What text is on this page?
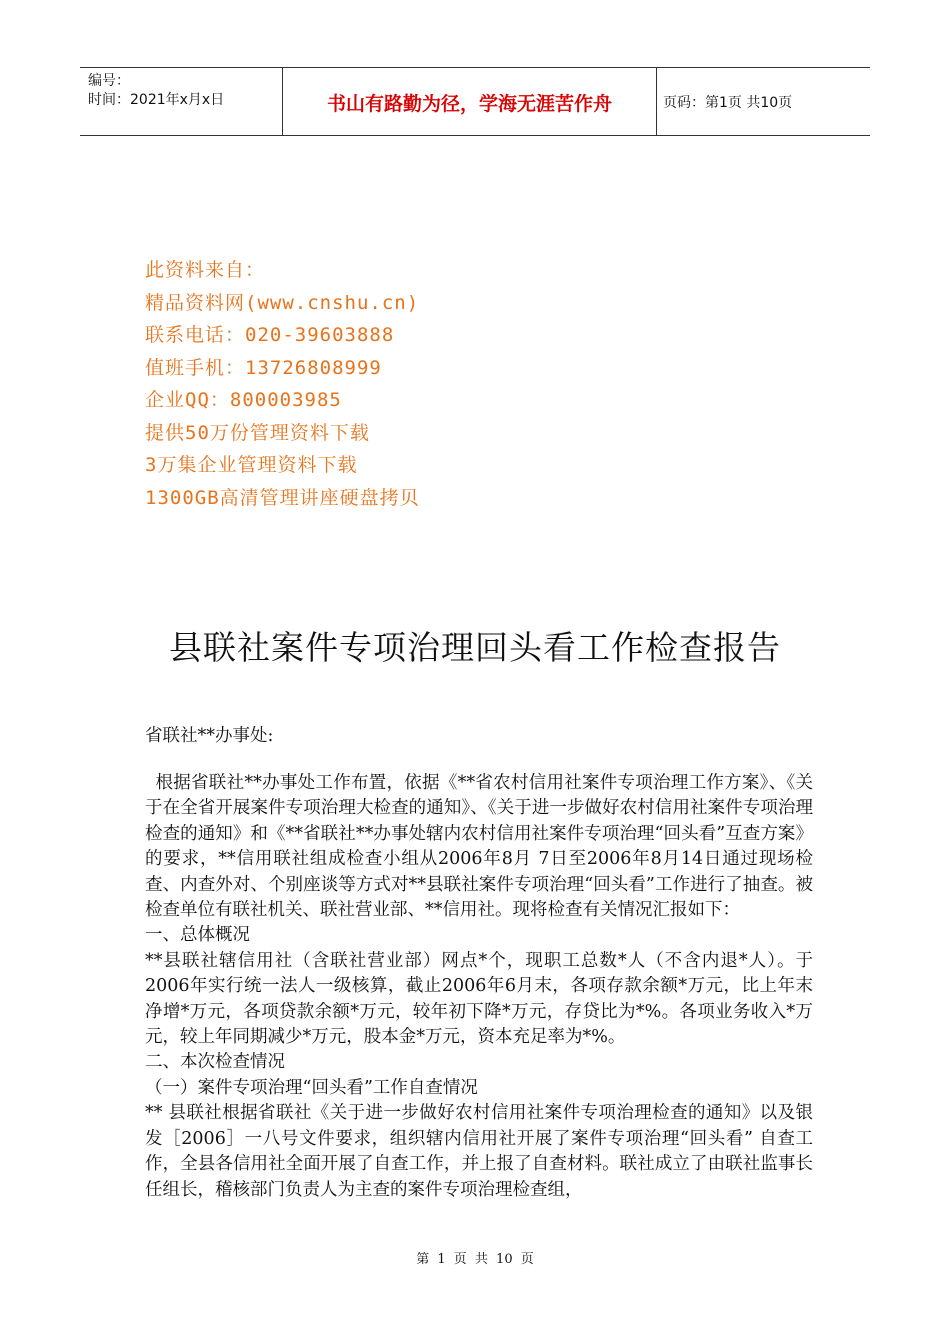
编号：
时间：2021年x月x日	书山有路勤为径，学海无涯苦作舟	页码：第1页 共10页
此资料来自：
精品资料网(www.cnshu.cn)
联系电话：020-39603888
值班手机：13726808999
企业QQ：800003985
提供50万份管理资料下载
3万集企业管理资料下载
1300GB高清管理讲座硬盘拷贝
县联社案件专项治理回头看工作检查报告
省联社**办事处:

根据省联社**办事处工作布置，依据《**省农村信用社案件专项治理工作方案》、《关于在全省开展案件专项治理大检查的通知》、《关于进一步做好农村信用社案件专项治理检查的通知》和《**省联社**办事处辖内农村信用社案件专项治理“回头看”互查方案》的要求，**信用联社组成检查小组从2006年8月 7日至2006年8月14日通过现场检查、内查外对、个别座谈等方式对**县联社案件专项治理“回头看”工作进行了抽查。被检查单位有联社机关、联社营业部、**信用社。现将检查有关情况汇报如下：

一、总体概况

**县联社辖信用社（含联社营业部）网点*个，现职工总数*人（不含内退*人）。于2006年实行统一法人一级核算，截止2006年6月末，各项存款余额*万元，比上年末净增*万元，各项贷款余额*万元，较年初下降*万元，存贷比为*%。各项业务收入*万元，较上年同期减少*万元，股本金*万元，资本充足率为*%。

二、本次检查情况

（一）案件专项治理“回头看”工作自查情况

** 县联社根据省联社《关于进一步做好农村信用社案件专项治理检查的通知》以及银发［2006］一八号文件要求，组织辖内信用社开展了案件专项治理“回头看” 自查工作，全县各信用社全面开展了自查工作，并上报了自查材料。联社成立了由联社监事长任组长，稽核部门负责人为主查的案件专项治理检查组，

第 1 页 共 10 页
